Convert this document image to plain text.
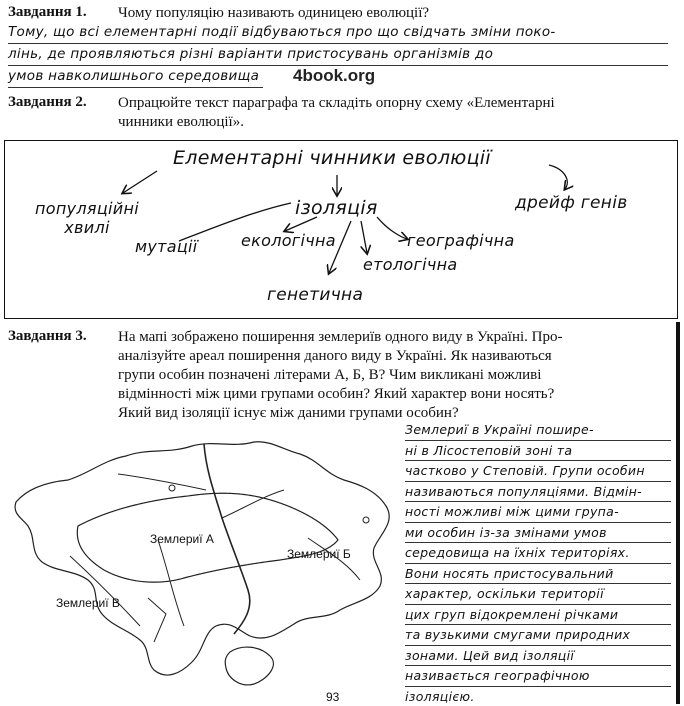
Завдання 1. Чому популяцію називають одиницею еволюції?
Тому, що всі елементарні події відбуваються про що свідчать зміни поко-
лінь, де проявляються різні варіанти пристосувань організмів до
умов навколишнього середовища 4book.org
Завдання 2. Опрацюйте текст параграфа та складіть опорну схему «Елементарні
чинники еволюції».
Елементарні чинники еволюції
популяційні
хвилі
ізоляція	дрейф генів
мутації	екологічна	географічна
етологічна
генетична
Завдання 3. На мапі зображено поширення землериїв одного виду в Україні. Про-
аналізуйте ареал поширення даного виду в Україні. Як називаються
групи особин позначені літерами А, Б, В? Чим викликані можливі
відмінності між цими групами особин? Який характер вони носять?
Який вид ізоляції існує між даними групами особин?
Землериї А
Землериї Б
Землериї В
Землериї в Україні пошире-
ні в Лісостеповій зоні та
частково у Степовій. Групи особин
називаються популяціями. Відмін-
ності можливі між цими група-
ми особин із-за змінами умов
середовища на їхніх територіях.
Вони носять пристосувальний
характер, оскільки території
цих груп відокремлені річками
та вузькими смугами природних
зонами. Цей вид ізоляції
називається географічною
ізоляцією.
93
